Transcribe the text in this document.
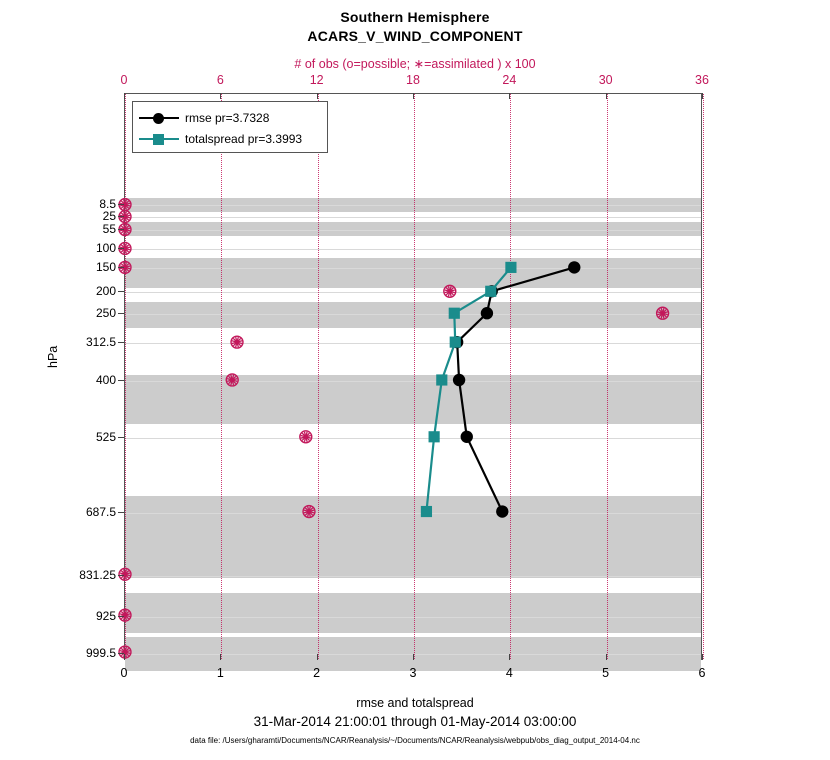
Southern Hemisphere
ACARS_V_WIND_COMPONENT
# of obs (o=possible; ∗=assimilated ) x 100
0	6	12	18	24	30	36
0	1	2	3	4	5	6
8.5
25
55
100
150
200
250
312.5
400
525
687.5
831.25
925
999.5
hPa
rmse and totalspread
31-Mar-2014 21:00:01 through 01-May-2014 03:00:00
data file: /Users/gharamti/Documents/NCAR/Reanalysis/~/Documents/NCAR/Reanalysis/webpub/obs_diag_output_2014-04.nc
rmse pr=3.7328
totalspread pr=3.3993
